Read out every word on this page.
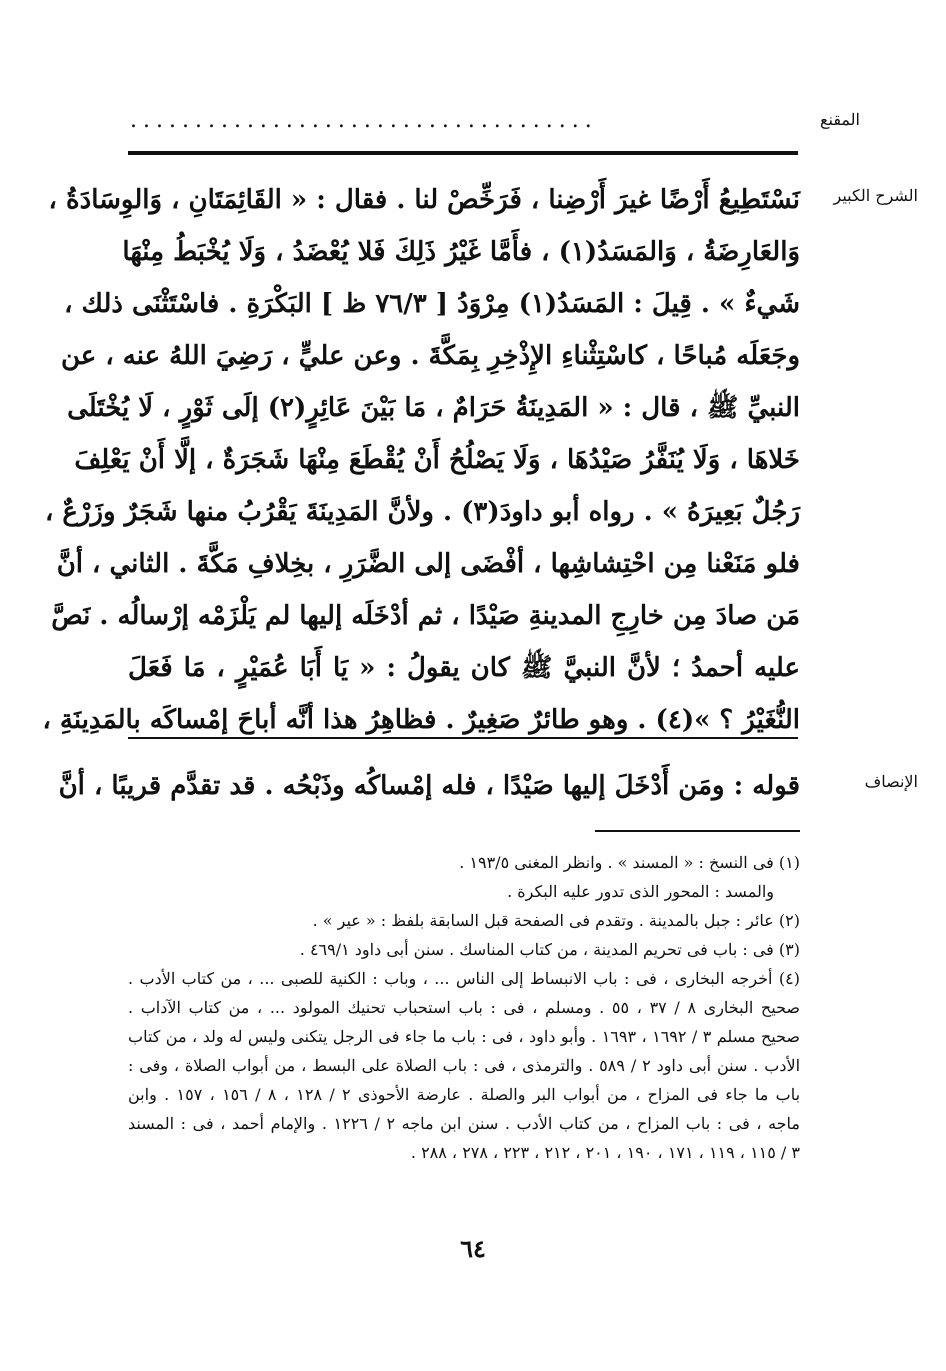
المقنع
....................................
الشرح الكبير
نَسْتَطِيعُ أَرْضًا غيرَ أَرْضِنا ، فَرَخِّصْ لنا . فقال : « القَائِمَتَانِ ، وَالوِسَادَةُ ،
وَالعَارِضَةُ ، وَالمَسَدُ(١) ، فأَمَّا غَيْرُ ذَلِكَ فَلا يُعْضَدُ ، وَلَا يُخْبَطُ مِنْهَا
شَيءٌ » . قِيلَ : المَسَدُ(١) مِرْوَدُ [ ٧٦/٣ ظ ] البَكْرَةِ . فاسْتَثْنَى ذلك ،
وجَعَلَه مُباحًا ، كاسْتِثْناءِ الإِذْخِرِ بِمَكَّةَ . وعن عليٍّ ، رَضِيَ اللهُ عنه ، عن
النبيِّ ﷺ ، قال : « المَدِينَةُ حَرَامٌ ، مَا بَيْنَ عَائِرٍ(٢) إلَى ثَوْرٍ ، لَا يُخْتَلَى
خَلاهَا ، وَلَا يُنَفَّرُ صَيْدُهَا ، وَلَا يَصْلُحُ أَنْ يُقْطَعَ مِنْهَا شَجَرَةٌ ، إلَّا أَنْ يَعْلِفَ
رَجُلٌ بَعِيرَهُ » . رواه أبو داودَ(٣) . ولأنَّ المَدِينَةَ يَقْرُبُ منها شَجَرٌ وزَرْعٌ ،
فلو مَنَعْنا مِن احْتِشاشِها ، أفْضَى إلى الضَّرَرِ ، بخِلافِ مَكَّةَ . الثاني ، أنَّ
مَن صادَ مِن خارِجِ المدينةِ صَيْدًا ، ثم أدْخَلَه إليها لم يَلْزَمْه إرْسالُه . نَصَّ
عليه أحمدُ ؛ لأنَّ النبيَّ ﷺ كان يقولُ : « يَا أَبَا عُمَيْرٍ ، مَا فَعَلَ
النُّغَيْرُ ؟ »(٤) . وهو طائرٌ صَغِيرٌ . فظاهِرُ هذا أنَّه أباحَ إمْساكَه بالمَدِينَةِ ،
الإنصاف
قوله : ومَن أَدْخَلَ إليها صَيْدًا ، فله إمْساكُه وذَبْحُه . قد تقدَّم قريبًا ، أنَّ
(١) فى النسخ : « المسند » . وانظر المغنى ١٩٣/٥ .
والمسد : المحور الذى تدور عليه البكرة .
(٢) عائر : جبل بالمدينة . وتقدم فى الصفحة قبل السابقة بلفظ : « عير » .
(٣) فى : باب فى تحريم المدينة ، من كتاب المناسك . سنن أبى داود ٤٦٩/١ .
(٤) أخرجه البخارى ، فى : باب الانبساط إلى الناس ... ، وباب : الكنية للصبى ... ، من كتاب الأدب .
صحيح البخارى ٨ / ٣٧ ، ٥٥ . ومسلم ، فى : باب استحباب تحنيك المولود ... ، من كتاب الآداب .
صحيح مسلم ٣ / ١٦٩٢ ، ١٦٩٣ . وأبو داود ، فى : باب ما جاء فى الرجل يتكنى وليس له ولد ، من كتاب
الأدب . سنن أبى داود ٢ / ٥٨٩ . والترمذى ، فى : باب الصلاة على البسط ، من أبواب الصلاة ، وفى :
باب ما جاء فى المزاح ، من أبواب البر والصلة . عارضة الأحوذى ٢ / ١٢٨ ، ٨ / ١٥٦ ، ١٥٧ . وابن
ماجه ، فى : باب المزاح ، من كتاب الأدب . سنن ابن ماجه ٢ / ١٢٢٦ . والإمام أحمد ، فى : المسند
٣ / ١١٥ ، ١١٩ ، ١٧١ ، ١٩٠ ، ٢٠١ ، ٢١٢ ، ٢٢٣ ، ٢٧٨ ، ٢٨٨ .
٦٤
